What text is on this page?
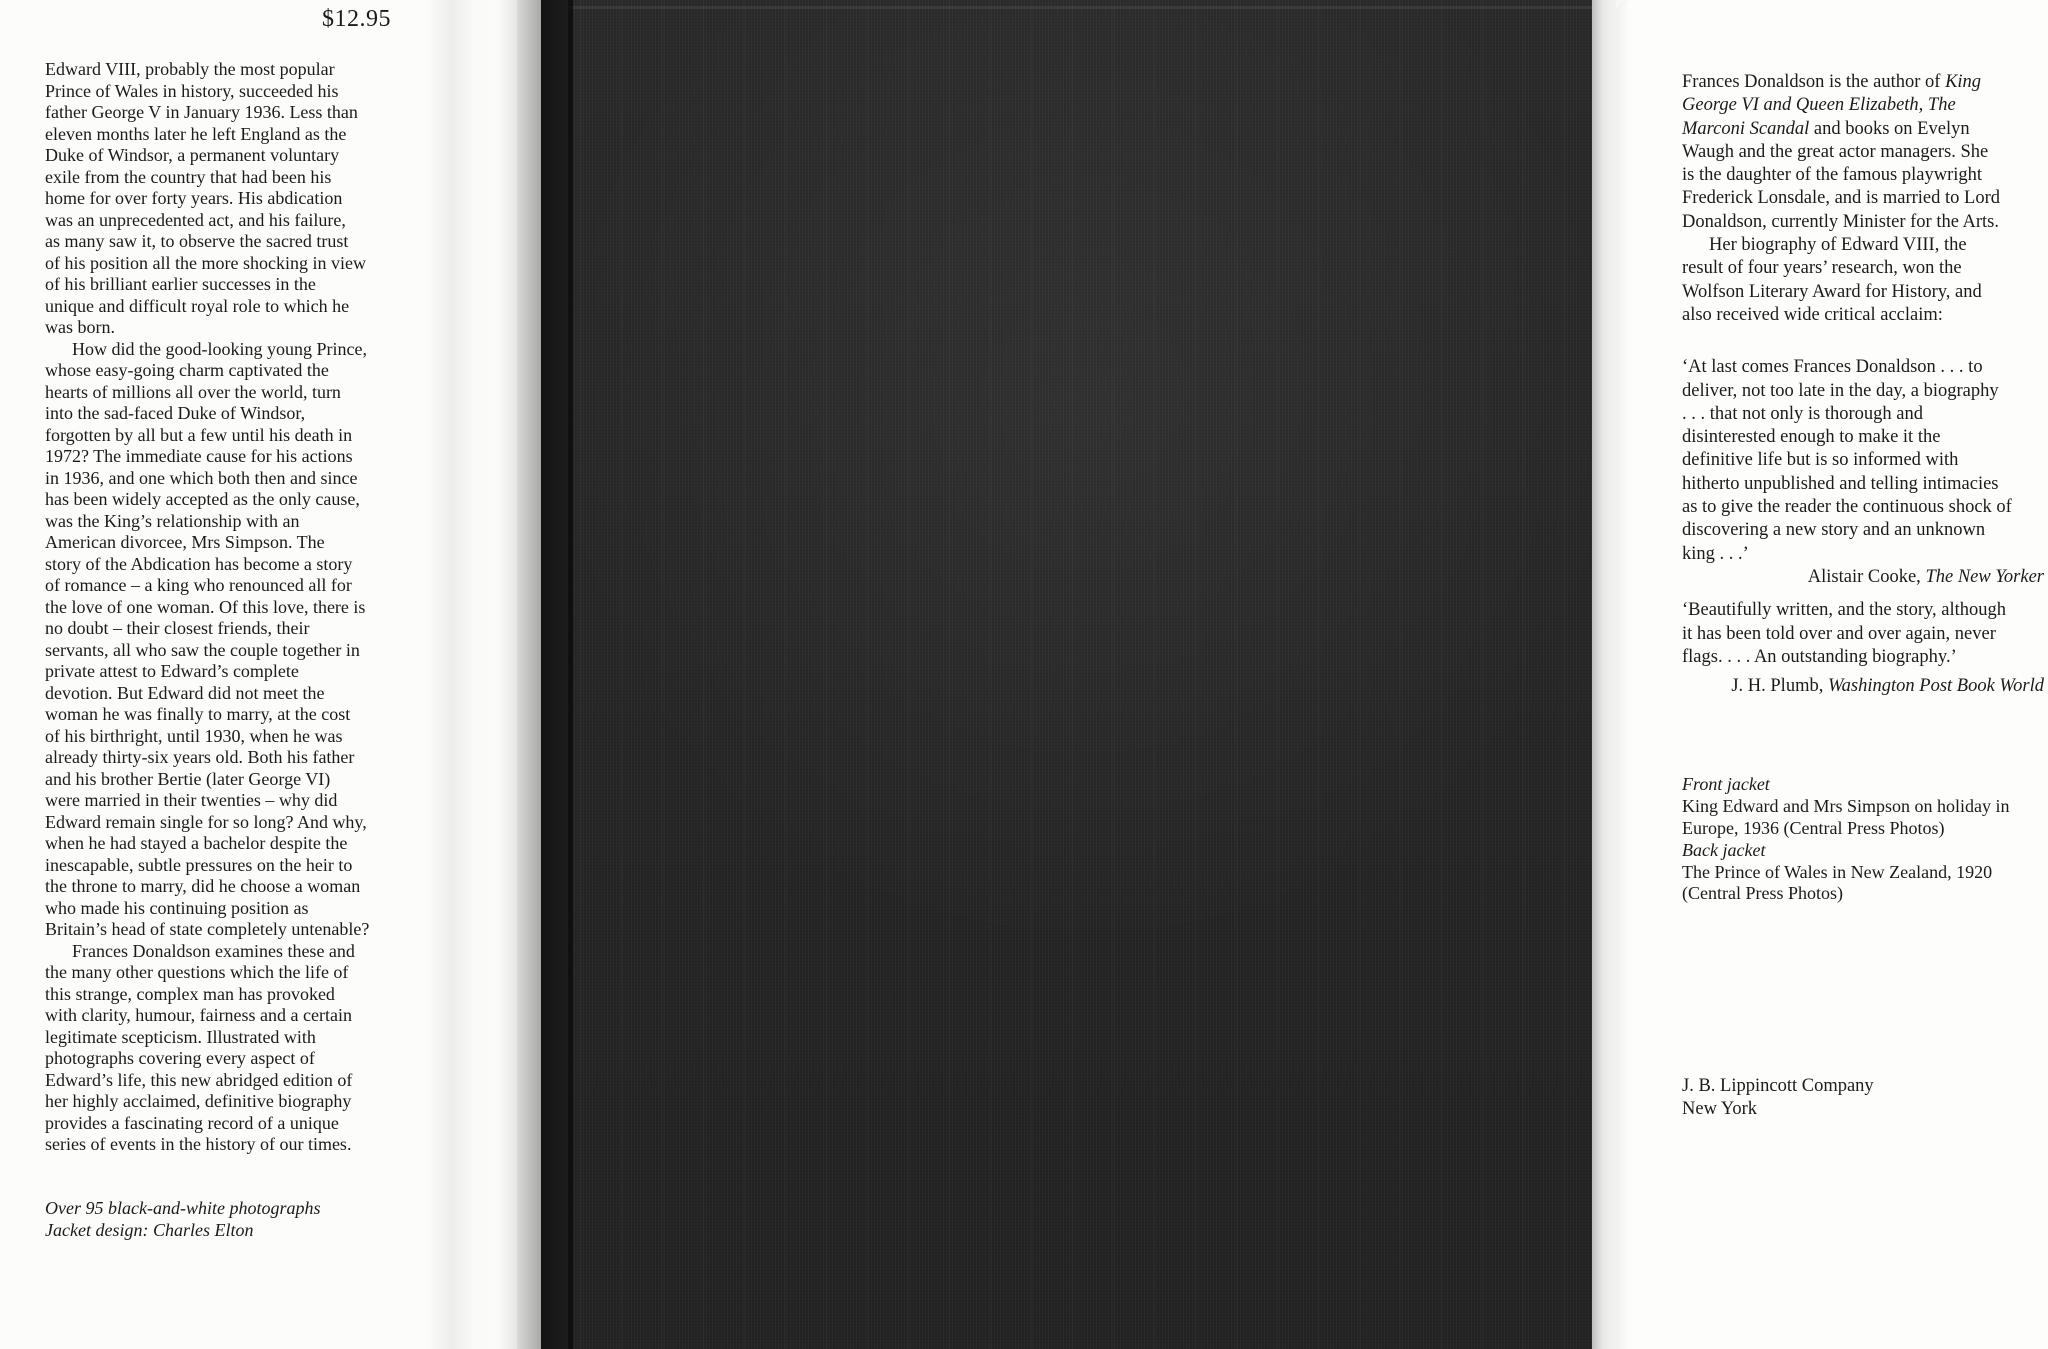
$12.95
Edward VIII, probably the most popular
Prince of Wales in history, succeeded his
father George V in January 1936. Less than
eleven months later he left England as the
Duke of Windsor, a permanent voluntary
exile from the country that had been his
home for over forty years. His abdication
was an unprecedented act, and his failure,
as many saw it, to observe the sacred trust
of his position all the more shocking in view
of his brilliant earlier successes in the
unique and difficult royal role to which he
was born.
How did the good-looking young Prince,
whose easy-going charm captivated the
hearts of millions all over the world, turn
into the sad-faced Duke of Windsor,
forgotten by all but a few until his death in
1972? The immediate cause for his actions
in 1936, and one which both then and since
has been widely accepted as the only cause,
was the King’s relationship with an
American divorcee, Mrs Simpson. The
story of the Abdication has become a story
of romance – a king who renounced all for
the love of one woman. Of this love, there is
no doubt – their closest friends, their
servants, all who saw the couple together in
private attest to Edward’s complete
devotion. But Edward did not meet the
woman he was finally to marry, at the cost
of his birthright, until 1930, when he was
already thirty-six years old. Both his father
and his brother Bertie (later George VI)
were married in their twenties – why did
Edward remain single for so long? And why,
when he had stayed a bachelor despite the
inescapable, subtle pressures on the heir to
the throne to marry, did he choose a woman
who made his continuing position as
Britain’s head of state completely untenable?
Frances Donaldson examines these and
the many other questions which the life of
this strange, complex man has provoked
with clarity, humour, fairness and a certain
legitimate scepticism. Illustrated with
photographs covering every aspect of
Edward’s life, this new abridged edition of
her highly acclaimed, definitive biography
provides a fascinating record of a unique
series of events in the history of our times.
Over 95 black-and-white photographs
Jacket design: Charles Elton
Frances Donaldson is the author of King
George VI and Queen Elizabeth, The
Marconi Scandal and books on Evelyn
Waugh and the great actor managers. She
is the daughter of the famous playwright
Frederick Lonsdale, and is married to Lord
Donaldson, currently Minister for the Arts.
Her biography of Edward VIII, the
result of four years’ research, won the
Wolfson Literary Award for History, and
also received wide critical acclaim:
‘At last comes Frances Donaldson . . . to
deliver, not too late in the day, a biography
. . . that not only is thorough and
disinterested enough to make it the
definitive life but is so informed with
hitherto unpublished and telling intimacies
as to give the reader the continuous shock of
discovering a new story and an unknown
king . . .’
Alistair Cooke, The New Yorker
‘Beautifully written, and the story, although
it has been told over and over again, never
flags. . . . An outstanding biography.’
J. H. Plumb, Washington Post Book World
Front jacket
King Edward and Mrs Simpson on holiday in
Europe, 1936 (Central Press Photos)
Back jacket
The Prince of Wales in New Zealand, 1920
(Central Press Photos)
J. B. Lippincott Company
New York
